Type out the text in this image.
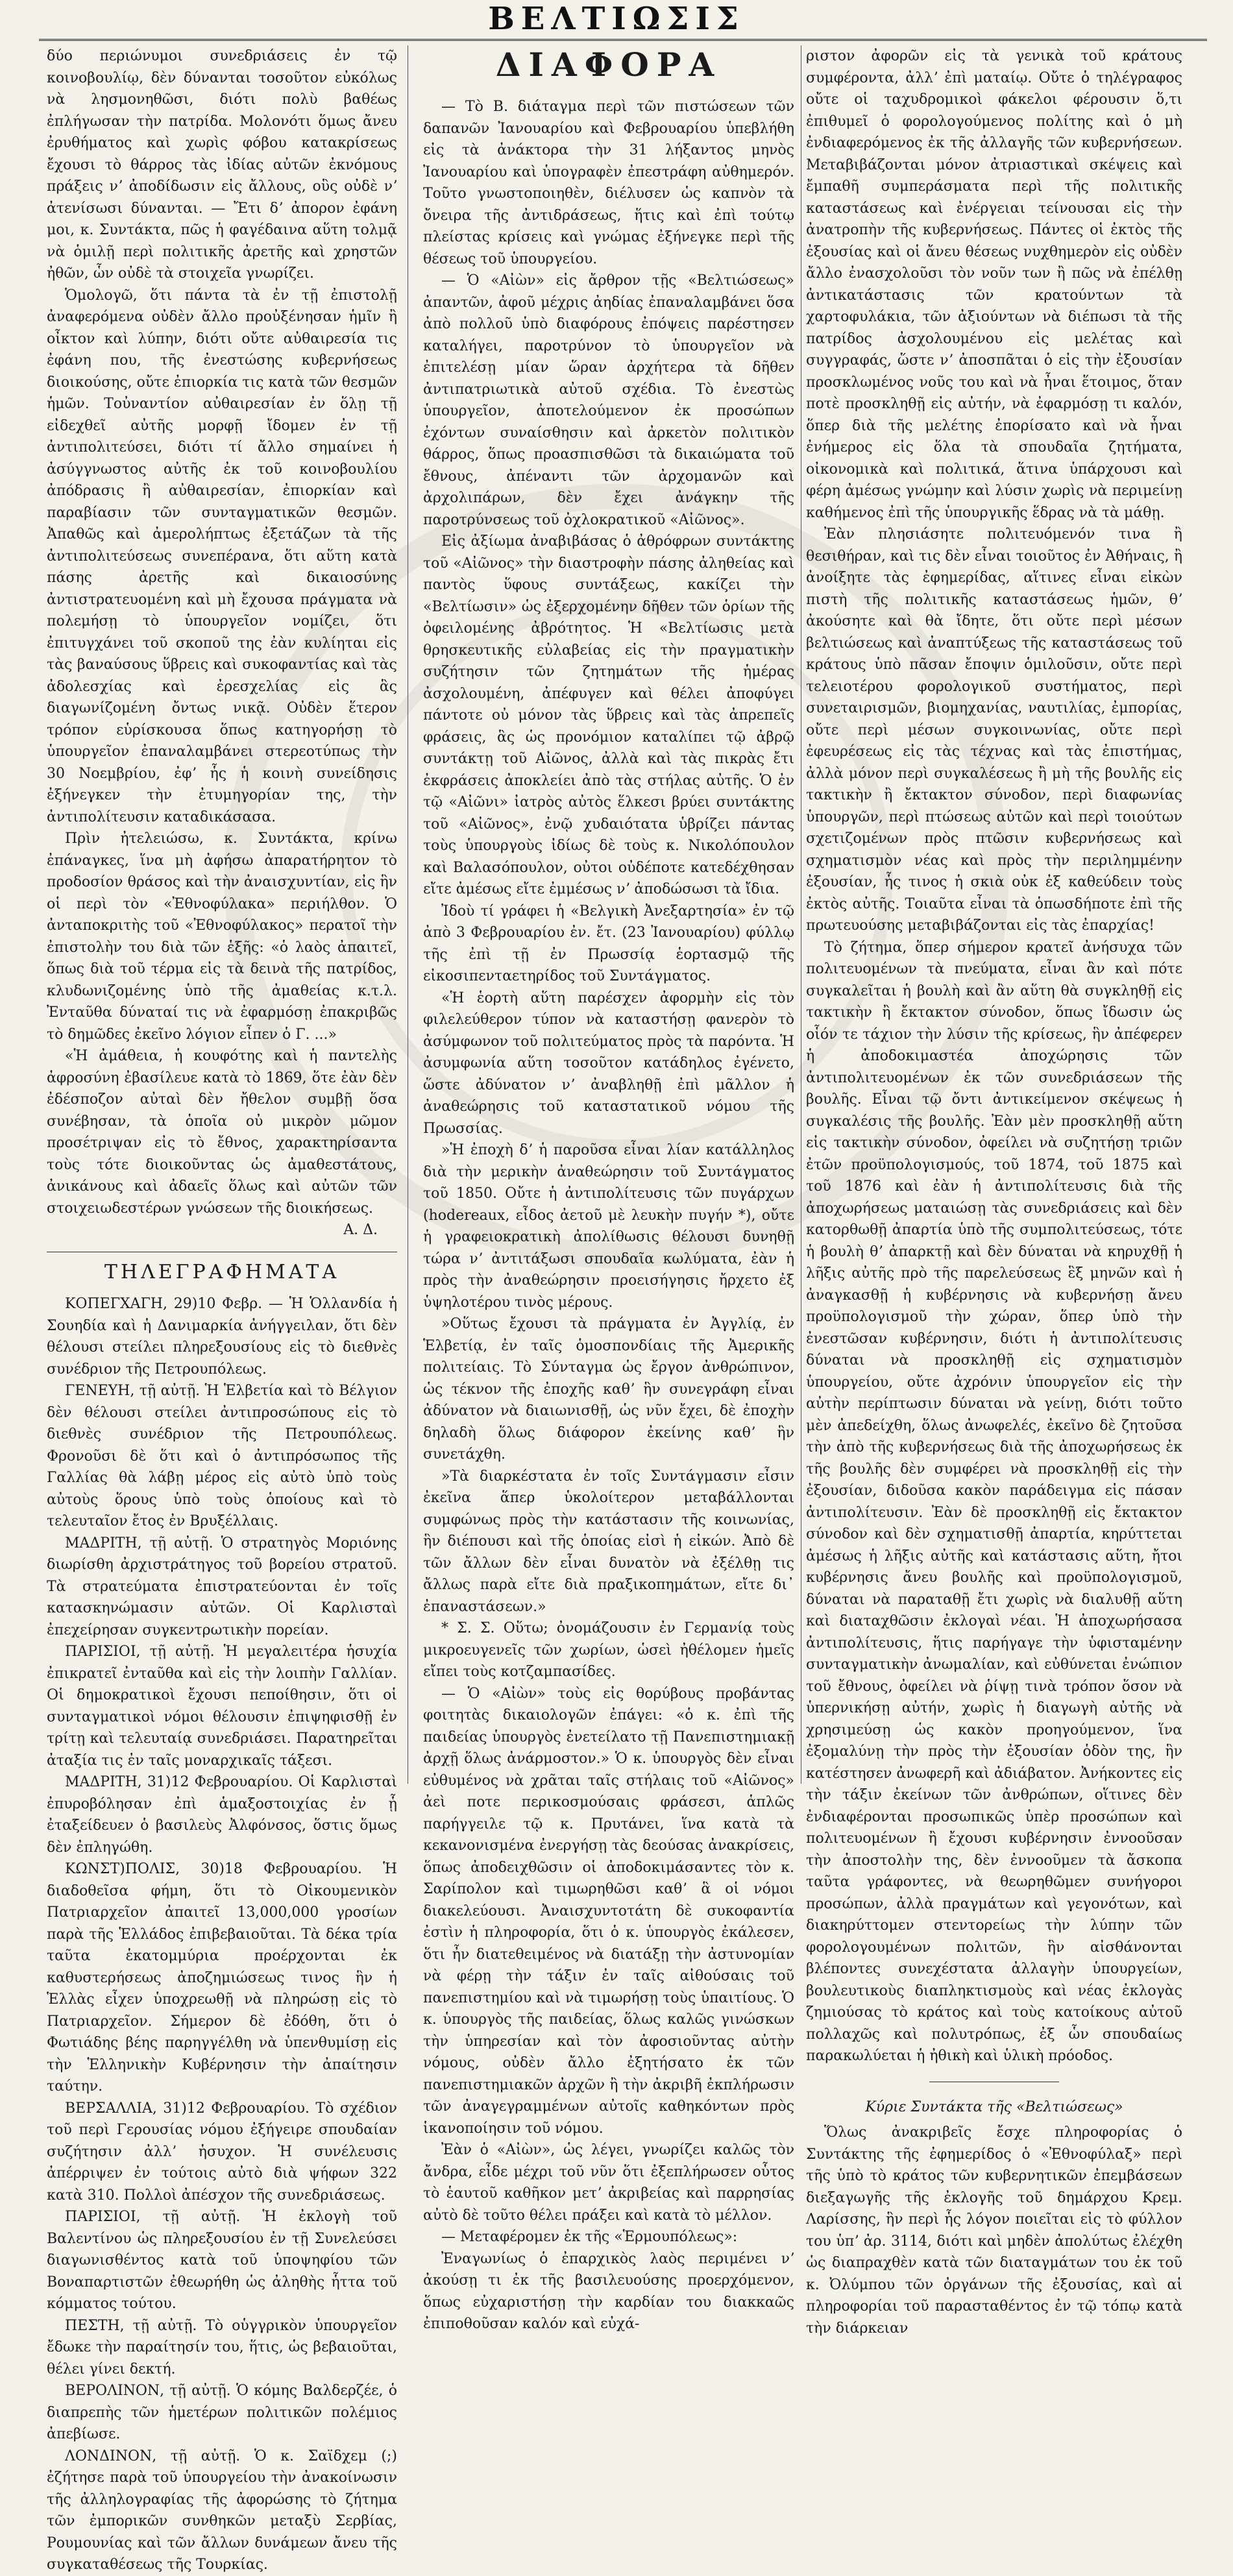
ΒΕΛΤΙΩΣΙΣ

δύο περιώνυμοι συνεδριάσεις ἐν τῷ κοινοβουλίῳ, δὲν δύνανται τοσοῦτον εὐκόλως νὰ λησμονηθῶσι, διότι πολὺ βαθέως ἐπλήγωσαν τὴν πατρίδα. Μολονότι ὅμως ἄνευ ἐρυθήματος καὶ χωρὶς φόβου κατακρίσεως ἔχουσι τὸ θάρρος τὰς ἰδίας αὐτῶν ἐκνόμους πράξεις νʼ ἀποδίδωσιν εἰς ἄλλους, οὓς οὐδὲ νʼ ἀτενίσωσι δύνανται. — Ἔτι δʼ ἀπορον ἐφάνη μοι, κ. Συντάκτα, πῶς ἡ φαγέδαινα αὕτη τολμᾷ νὰ ὁμιλῇ περὶ πολιτικῆς ἀρετῆς καὶ χρηστῶν ἠθῶν, ὧν οὐδὲ τὰ στοιχεῖα γνωρίζει.

Ὁμολογῶ, ὅτι πάντα τὰ ἐν τῇ ἐπιστολῇ ἀναφερόμενα οὐδὲν ἄλλο προὐξένησαν ἡμῖν ἢ οἶκτον καὶ λύπην, διότι οὔτε αὐθαιρεσία τις ἐφάνη που, τῆς ἐνεστώσης κυβερνήσεως διοικούσης, οὔτε ἐπιορκία τις κατὰ τῶν θεσμῶν ἡμῶν. Τοὐναντίον αὐθαιρεσίαν ἐν ὅλῃ τῇ εἰδεχθεῖ αὐτῆς μορφῇ ἴδομεν ἐν τῇ ἀντιπολιτεύσει, διότι τί ἄλλο σημαίνει ἡ ἀσύγγνωστος αὐτῆς ἐκ τοῦ κοινοβουλίου ἀπόδρασις ἢ αὐθαιρεσίαν, ἐπιορκίαν καὶ παραβίασιν τῶν συνταγματικῶν θεσμῶν. Ἀπαθῶς καὶ ἀμερολήπτως ἐξετάζων τὰ τῆς ἀντιπολιτεύσεως συνεπέρανα, ὅτι αὕτη κατὰ πάσης ἀρετῆς καὶ δικαιοσύνης ἀντιστρατευομένη καὶ μὴ ἔχουσα πράγματα νὰ πολεμήσῃ τὸ ὑπουργεῖον νομίζει, ὅτι ἐπιτυγχάνει τοῦ σκοποῦ της ἐὰν κυλίηται εἰς τὰς βαναύσους ὕβρεις καὶ συκοφαντίας καὶ τὰς ἀδολεσχίας καὶ ἐρεσχελίας εἰς ἃς διαγωνίζομένη ὄντως νικᾷ. Οὐδὲν ἕτερον τρόπον εὑρίσκουσα ὅπως κατηγορήσῃ τὸ ὑπουργεῖον ἐπαναλαμβάνει στερεοτύπως τὴν 30 Νοεμβρίου, ἐφʼ ἧς ἡ κοινὴ συνείδησις ἐξήνεγκεν τὴν ἐτυμηγορίαν της, τὴν ἀντιπολίτευσιν καταδικάσασα.

Πρὶν ἠτελειώσω, κ. Συντάκτα, κρίνω ἐπάναγκες, ἵνα μὴ ἀφήσω ἀπαρατήρητον τὸ προδοσίον θράσος καὶ τὴν ἀναισχυντίαν, εἰς ἣν οἱ περὶ τὸν «Ἐθνοφύλακα» περιήλθον. Ὁ ἀνταποκριτὴς τοῦ «Ἐθνοφύλακος» περατοῖ τὴν ἐπιστολὴν του διὰ τῶν ἑξῆς: «ὁ λαὸς ἀπαιτεῖ, ὅπως διὰ τοῦ τέρμα εἰς τὰ δεινὰ τῆς πατρίδος, κλυδωνιζομένης ὑπὸ τῆς ἀμαθείας κ.τ.λ. Ἐνταῦθα δύναταί τις νὰ ἐφαρμόσῃ ἐπακριβῶς τὸ δημῶδες ἐκεῖνο λόγιον εἶπεν ὁ Γ. ...»

«Ἡ ἀμάθεια, ἡ κουφότης καὶ ἡ παντελὴς ἀφροσύνη ἐβασίλευε κατὰ τὸ 1869, ὅτε ἐὰν δὲν ἐδέσποζον αὐταὶ δὲν ἤθελον συμβῇ ὅσα συνέβησαν, τὰ ὁποῖα οὐ μικρὸν μῶμον προσέτριψαν εἰς τὸ ἔθνος, χαρακτηρίσαντα τοὺς τότε διοικοῦντας ὡς ἀμαθεστάτους, ἀνικάνους καὶ ἀδαεῖς ὅλως καὶ αὐτῶν τῶν στοιχειωδεστέρων γνώσεων τῆς διοικήσεως.

Α. Δ.
ΤΗΛΕΓΡΑΦΗΜΑΤΑ

ΚΟΠΕΓΧΑΓΗ, 29)10 Φεβρ. — Ἡ Ὁλλανδία ἡ Σουηδία καὶ ἡ Δανιμαρκία ἀνήγγειλαν, ὅτι δὲν θέλουσι στείλει πληρεξουσίους εἰς τὸ διεθνὲς συνέδριον τῆς Πετρουπόλεως.

ΓΕΝΕΥΗ, τῇ αὐτῇ. Ἡ Ἑλβετία καὶ τὸ Βέλγιον δὲν θέλουσι στείλει ἀντιπροσώπους εἰς τὸ διεθνὲς συνέδριον τῆς Πετρουπόλεως. Φρονοῦσι δὲ ὅτι καὶ ὁ ἀντιπρόσωπος τῆς Γαλλίας θὰ λάβῃ μέρος εἰς αὐτὸ ὑπὸ τοὺς αὐτοὺς ὅρους ὑπὸ τοὺς ὁποίους καὶ τὸ τελευταῖον ἔτος ἐν Βρυξέλλαις.

ΜΑΔΡΙΤΗ, τῇ αὐτῇ. Ὁ στρατηγὸς Μοριόνης διωρίσθη ἀρχιστράτηγος τοῦ βορείου στρατοῦ. Τὰ στρατεύματα ἐπιστρατεύονται ἐν τοῖς κατασκηνώμασιν αὐτῶν. Οἱ Καρλισταὶ ἐπεχείρησαν συγκεντρωτικὴν πορείαν.

ΠΑΡΙΣΙΟΙ, τῇ αὐτῇ. Ἡ μεγαλειτέρα ἡσυχία ἐπικρατεῖ ἐνταῦθα καὶ εἰς τὴν λοιπὴν Γαλλίαν. Οἱ δημοκρατικοὶ ἔχουσι πεποίθησιν, ὅτι οἱ συνταγματικοὶ νόμοι θέλουσιν ἐπιψηφισθῇ ἐν τρίτῃ καὶ τελευταίᾳ συνεδριάσει. Παρατηρεῖται ἀταξία τις ἐν ταῖς μοναρχικαῖς τάξεσι.

ΜΑΔΡΙΤΗ, 31)12 Φεβρουαρίου. Οἱ Καρλισταὶ ἐπυροβόλησαν ἐπὶ ἁμαξοστοιχίας ἐν ᾗ ἐταξείδευεν ὁ βασιλεὺς Ἀλφόνσος, ὅστις ὅμως δὲν ἐπληγώθη.

ΚΩΝΣΤ)ΠΟΛΙΣ, 30)18 Φεβρουαρίου. Ἡ διαδοθεῖσα φήμη, ὅτι τὸ Οἰκουμενικὸν Πατριαρχεῖον ἀπαιτεῖ 13,000,000 γροσίων παρὰ τῆς Ἑλλάδος ἐπιβεβαιοῦται. Τὰ δέκα τρία ταῦτα ἑκατομμύρια προέρχονται ἐκ καθυστερήσεως ἀποζημιώσεως τινος ἣν ἡ Ἑλλὰς εἶχεν ὑποχρεωθῇ νὰ πληρώσῃ εἰς τὸ Πατριαρχεῖον. Σήμερον δὲ ἐδόθη, ὅτι ὁ Φωτιάδης βέης παρηγγέλθη νὰ ὑπενθυμίσῃ εἰς τὴν Ἑλληνικὴν Κυβέρνησιν τὴν ἀπαίτησιν ταύτην.

ΒΕΡΣΑΛΛΙΑ, 31)12 Φεβρουαρίου. Τὸ σχέδιον τοῦ περὶ Γερουσίας νόμου ἐξήγειρε σπουδαίαν συζήτησιν ἀλλʼ ἡσυχον. Ἡ συνέλευσις ἀπέρριψεν ἐν τούτοις αὐτὸ διὰ ψήφων 322 κατὰ 310. Πολλοὶ ἀπέσχον τῆς συνεδριάσεως.

ΠΑΡΙΣΙΟΙ, τῇ αὐτῇ. Ἡ ἐκλογὴ τοῦ Βαλεντίνου ὡς πληρεξουσίου ἐν τῇ Συνελεύσει διαγωνισθέντος κατὰ τοῦ ὑποψηφίου τῶν Βοναπαρτιστῶν ἐθεωρήθη ὡς ἀληθὴς ἧττα τοῦ κόμματος τούτου.

ΠΕΣΤΗ, τῇ αὐτῇ. Τὸ οὑγγρικὸν ὑπουργεῖον ἔδωκε τὴν παραίτησίν του, ἥτις, ὡς βεβαιοῦται, θέλει γίνει δεκτή.

ΒΕΡΟΛΙΝΟΝ, τῇ αὐτῇ. Ὁ κόμης Βαλδερζέε, ὁ διαπρεπὴς τῶν ἡμετέρων πολιτικῶν πολέμιος ἀπεβίωσε.

ΛΟΝΔΙΝΟΝ, τῇ αὐτῇ. Ὁ κ. Σαϊδχεμ (;) ἐζήτησε παρὰ τοῦ ὑπουργείου τὴν ἀνακοίνωσιν τῆς ἀλληλογραφίας τῆς ἀφορώσης τὸ ζήτημα τῶν ἐμπορικῶν συνθηκῶν μεταξὺ Σερβίας, Ρουμουνίας καὶ τῶν ἄλλων δυνάμεων ἄνευ τῆς συγκαταθέσεως τῆς Τουρκίας.

ΔΙΑΦΟΡΑ

— Τὸ Β. διάταγμα περὶ τῶν πιστώσεων τῶν δαπανῶν Ἰανουαρίου καὶ Φεβρουαρίου ὑπεβλήθη εἰς τὰ ἀνάκτορα τὴν 31 λήξαντος μηνὸς Ἰανουαρίου καὶ ὑπογραφὲν ἐπεστράφη αὐθημερόν. Τοῦτο γνωστοποιηθὲν, διέλυσεν ὡς καπνὸν τὰ ὄνειρα τῆς ἀντιδράσεως, ἥτις καὶ ἐπὶ τούτῳ πλείστας κρίσεις καὶ γνώμας ἐξήνεγκε περὶ τῆς θέσεως τοῦ ὑπουργείου.

— Ὁ «Αἰὼν» εἰς ἄρθρον τῇς «Βελτιώσεως» ἀπαντῶν, ἀφοῦ μέχρις ἀηδίας ἐπαναλαμβάνει ὅσα ἀπὸ πολλοῦ ὑπὸ διαφόρους ἐπόψεις παρέστησεν καταλήγει, παροτρύνον τὸ ὑπουργεῖον νὰ ἐπιτελέσῃ μίαν ὥραν ἀρχήτερα τὰ δῆθεν ἀντιπατριωτικὰ αὐτοῦ σχέδια. Τὸ ἐνεστὼς ὑπουργεῖον, ἀποτελούμενον ἐκ προσώπων ἐχόντων συναίσθησιν καὶ ἀρκετὸν πολιτικὸν θάρρος, ὅπως προασπισθῶσι τὰ δικαιώματα τοῦ ἔθνους, ἀπέναντι τῶν ἀρχομανῶν καὶ ἀρχολιπάρων, δὲν ἔχει ἀνάγκην τῆς παροτρύνσεως τοῦ ὀχλοκρατικοῦ «Αἰῶνος».

Εἰς ἀξίωμα ἀναβιβάσας ὁ ἀθρόφρων συντάκτης τοῦ «Αἰῶνος» τὴν διαστροφὴν πάσης ἀληθείας καὶ παντὸς ὕφους συντάξεως, κακίζει τὴν «Βελτίωσιν» ὡς ἐξερχομένην δῆθεν τῶν ὁρίων τῆς ὀφειλομένης ἀβρότητος. Ἡ «Βελτίωσις μετὰ θρησκευτικῆς εὐλαβείας εἰς τὴν πραγματικὴν συζήτησιν τῶν ζητημάτων τῆς ἡμέρας ἀσχολουμένη, ἀπέφυγεν καὶ θέλει ἀποφύγει πάντοτε οὐ μόνον τὰς ὕβρεις καὶ τὰς ἀπρεπεῖς φράσεις, ἃς ὡς προνόμιον καταλίπει τῷ ἀβρῷ συντάκτῃ τοῦ Αἰῶνος, ἀλλὰ καὶ τὰς πικρὰς ἔτι ἐκφράσεις ἀποκλείει ἀπὸ τὰς στήλας αὐτῆς. Ὁ ἐν τῷ «Αἰῶνι» ἰατρὸς αὐτὸς ἕλκεσι βρύει συντάκτης τοῦ «Αἰῶνος», ἐνῷ χυδαιότατα ὑβρίζει πάντας τοὺς ὑπουργοὺς ἰδίως δὲ τοὺς κ. Νικολόπουλον καὶ Βαλασόπουλον, οὐτοι οὐδέποτε κατεδέχθησαν εἴτε ἀμέσως εἴτε ἐμμέσως νʼ ἀποδώσωσι τὰ ἴδια.

Ἰδοὺ τί γράφει ἡ «Βελγικὴ Ἀνεξαρτησία» ἐν τῷ ἀπὸ 3 Φεβρουαρίου ἐν. ἔτ. (23 Ἰανουαρίου) φύλλῳ τῆς ἐπὶ τῇ ἐν Πρωσσίᾳ ἑορτασμῷ τῆς εἰκοσιπενταετηρίδος τοῦ Συντάγματος.

«Ἡ ἑορτὴ αὕτη παρέσχεν ἀφορμὴν εἰς τὸν φιλελεύθερον τύπον νὰ καταστήσῃ φανερὸν τὸ ἀσύμφωνον τοῦ πολιτεύματος πρὸς τὰ παρόντα. Ἡ ἀσυμφωνία αὕτη τοσοῦτον κατάδηλος ἐγένετο, ὥστε ἀδύνατον νʼ ἀναβληθῇ ἐπὶ μᾶλλον ἡ ἀναθεώρησις τοῦ καταστατικοῦ νόμου τῆς Πρωσσίας.

»Ἡ ἐποχὴ δʼ ἡ παροῦσα εἶναι λίαν κατάλληλος διὰ τὴν μερικὴν ἀναθεώρησιν τοῦ Συντάγματος τοῦ 1850. Οὔτε ἡ ἀντιπολίτευσις τῶν πυγάρχων (hodereaux, εἶδος ἀετοῦ μὲ λευκὴν πυγήν *), οὔτε ἡ γραφειοκρατικὴ ἀπολίθωσις θέλουσι δυνηθῇ τώρα νʼ ἀντιτάξωσι σπουδαῖα κωλύματα, ἐὰν ἡ πρὸς τὴν ἀναθεώρησιν προεισήγησις ἤρχετο ἐξ ὑψηλοτέρου τινὸς μέρους.

»Οὕτως ἔχουσι τὰ πράγματα ἐν Ἀγγλίᾳ, ἐν Ἑλβετίᾳ, ἐν ταῖς ὁμοσπονδίαις τῆς Ἀμερικῆς πολιτείαις. Τὸ Σύνταγμα ὡς ἔργον ἀνθρώπινον, ὡς τέκνον τῆς ἐποχῆς καθʼ ἣν συνεγράφη εἶναι ἀδύνατον νὰ διαιωνισθῇ, ὡς νῦν ἔχει, δὲ ἐποχὴν δηλαδὴ ὅλως διάφορον ἐκείνης καθʼ ἣν συνετάχθη.

»Τὰ διαρκέστατα ἐν τοῖς Συντάγμασιν εἶσιν ἐκεῖνα ἅπερ ὑκολοίτερον μεταβάλλονται συμφώνως πρὸς τὴν κατάστασιν τῆς κοινωνίας, ἣν διέπουσι καὶ τῆς ὁποίας εἰσὶ ἡ εἰκών. Ἀπὸ δὲ τῶν ἄλλων δὲν εἶναι δυνατὸν νὰ ἐξέλθῃ τις ἄλλως παρὰ εἴτε διὰ πραξικοπημάτων, εἴτε δι᾽ ἐπαναστάσεων.»

* Σ. Σ. Οὕτω; ὀνομάζουσιν ἐν Γερμανίᾳ τοὺς μικροευγενεῖς τῶν χωρίων, ὡσεὶ ἠθέλομεν ἡμεῖς εἴπει τοὺς κοτζαμπασίδες.

— Ὁ «Αἰὼν» τοὺς εἰς θορύβους προβάντας φοιτητὰς δικαιολογῶν ἐπάγει: «ὁ κ. ἐπὶ τῆς παιδείας ὑπουργὸς ἐνετείλατο τῇ Πανεπιστημιακῇ ἀρχῇ ὅλως ἀνάρμοστον.» Ὁ κ. ὑπουργὸς δὲν εἶναι εὐθυμένος νὰ χρᾶται ταῖς στήλαις τοῦ «Αἰῶνος» ἀεὶ ποτε περικοσμούσαις φράσεσι, ἁπλῶς παρήγγειλε τῷ κ. Πρυτάνει, ἵνα κατὰ τὰ κεκανονισμένα ἐνεργήσῃ τὰς δεούσας ἀνακρίσεις, ὅπως ἀποδειχθῶσιν οἱ ἀποδοκιμάσαντες τὸν κ. Σαρίπολον καὶ τιμωρηθῶσι καθʼ ἃ οἱ νόμοι διακελεύουσι. Ἀναισχυντοτάτη δὲ συκοφαντία ἐστὶν ἡ πληροφορία, ὅτι ὁ κ. ὑπουργὸς ἐκάλεσεν, ὅτι ἦν διατεθειμένος νὰ διατάξῃ τὴν ἀστυνομίαν νὰ φέρῃ τὴν τάξιν ἐν ταῖς αἰθούσαις τοῦ πανεπιστημίου καὶ νὰ τιμωρήσῃ τοὺς ὑπαιτίους. Ὁ κ. ὑπουργὸς τῆς παιδείας, ὅλως καλῶς γινώσκων τὴν ὑπηρεσίαν καὶ τὸν ἀφοσιοῦντας αὐτὴν νόμους, οὐδὲν ἄλλο ἐξητήσατο ἐκ τῶν πανεπιστημιακῶν ἀρχῶν ἢ τὴν ἀκριβῆ ἐκπλήρωσιν τῶν ἀναγεγραμμένων αὐτοῖς καθηκόντων πρὸς ἱκανοποίησιν τοῦ νόμου.

Ἐὰν ὁ «Αἰὼν», ὡς λέγει, γνωρίζει καλῶς τὸν ἄνδρα, εἶδε μέχρι τοῦ νῦν ὅτι ἐξεπλήρωσεν οὗτος τὸ ἑαυτοῦ καθῆκον μετʼ ἀκριβείας καὶ παρρησίας αὐτὸ δὲ τοῦτο θέλει πράξει καὶ κατὰ τὸ μέλλον.

— Μεταφέρομεν ἐκ τῆς «Ἑρμουπόλεως»:

Ἐναγωνίως ὁ ἐπαρχικὸς λαὸς περιμένει νʼ ἀκούσῃ τι ἐκ τῆς βασιλευούσης προερχόμενον, ὅπως εὐχαριστήσῃ τὴν καρδίαν του διακκαῶς ἐπιποθοῦσαν καλόν καὶ εὐχά-

ριστον ἀφορῶν εἰς τὰ γενικὰ τοῦ κράτους συμφέροντα, ἀλλʼ ἐπὶ ματαίῳ. Οὔτε ὁ τηλέγραφος οὔτε οἱ ταχυδρομικοὶ φάκελοι φέρουσιν ὅ,τι ἐπιθυμεῖ ὁ φορολογούμενος πολίτης καὶ ὁ μὴ ἐνδιαφερόμενος ἐκ τῆς ἀλλαγῆς τῶν κυβερνήσεων. Μεταβιβάζονται μόνον ἀτριαστικαὶ σκέψεις καὶ ἔμπαθῆ συμπεράσματα περὶ τῆς πολιτικῆς καταστάσεως καὶ ἐνέργειαι τείνουσαι εἰς τὴν ἀνατροπὴν τῆς κυβερνήσεως. Πάντες οἱ ἐκτὸς τῆς ἐξουσίας καὶ οἱ ἄνευ θέσεως νυχθημερὸν εἰς οὐδὲν ἄλλο ἐνασχολοῦσι τὸν νοῦν των ἢ πῶς νὰ ἐπέλθῃ ἀντικατάστασις τῶν κρατούντων τὰ χαρτοφυλάκια, τῶν ἀξιούντων νὰ διέπωσι τὰ τῆς πατρίδος ἀσχολουμένου εἰς μελέτας καὶ συγγραφάς, ὥστε νʼ ἀποσπᾶται ὁ εἰς τὴν ἐξουσίαν προσκλωμένος νοῦς του καὶ νὰ ἦναι ἕτοιμος, ὅταν ποτὲ προσκληθῇ εἰς αὐτήν, νὰ ἐφαρμόσῃ τι καλόν, ὅπερ διὰ τῆς μελέτης ἐπορίσατο καὶ νὰ ἦναι ἐνήμερος εἰς ὅλα τὰ σπουδαῖα ζητήματα, οἰκονομικὰ καὶ πολιτικά, ἅτινα ὑπάρχουσι καὶ φέρη ἀμέσως γνώμην καὶ λύσιν χωρὶς νὰ περιμείνῃ καθήμενος ἐπὶ τῆς ὑπουργικῆς ἕδρας νὰ τὰ μάθῃ.

Ἐὰν πλησιάσητε πολιτευόμενόν τινα ἢ θεσιθήραν, καὶ τις δὲν εἶναι τοιοῦτος ἐν Ἀθήναις, ἢ ἀνοίξητε τὰς ἐφημερίδας, αἵτινες εἶναι εἰκὼν πιστὴ τῆς πολιτικῆς καταστάσεως ἡμῶν, θʼ ἀκούσητε καὶ θὰ ἴδητε, ὅτι οὔτε περὶ μέσων βελτιώσεως καὶ ἀναπτύξεως τῆς καταστάσεως τοῦ κράτους ὑπὸ πᾶσαν ἔποψιν ὁμιλοῦσιν, οὔτε περὶ τελειοτέρου φορολογικοῦ συστήματος, περὶ συνεταιρισμῶν, βιομηχανίας, ναυτιλίας, ἐμπορίας, οὔτε περὶ μέσων συγκοινωνίας, οὔτε περὶ ἐφευρέσεως εἰς τὰς τέχνας καὶ τὰς ἐπιστήμας, ἀλλὰ μόνον περὶ συγκαλέσεως ἢ μὴ τῆς βουλῆς εἰς τακτικὴν ἢ ἔκτακτον σύνοδον, περὶ διαφωνίας ὑπουργῶν, περὶ πτώσεως αὐτῶν καὶ περὶ τοιούτων σχετιζομένων πρὸς πτῶσιν κυβερνήσεως καὶ σχηματισμὸν νέας καὶ πρὸς τὴν περιλημμένην ἐξουσίαν, ἧς τινος ἡ σκιὰ οὐκ ἐξ καθεύδειν τοὺς ἐκτὸς αὐτῆς. Τοιαῦτα εἶναι τὰ ὁπωσδήποτε ἐπὶ τῆς πρωτευούσης μεταβιβάζονται εἰς τὰς ἐπαρχίας!

Τὸ ζήτημα, ὅπερ σήμερον κρατεῖ ἀνήσυχα τῶν πολιτευομένων τὰ πνεύματα, εἶναι ἂν καὶ πότε συγκαλεῖται ἡ βουλὴ καὶ ἂν αὕτη θὰ συγκληθῇ εἰς τακτικὴν ἢ ἔκτακτον σύνοδον, ὅπως ἴδωσιν ὡς οἷόν τε τάχιον τὴν λύσιν τῆς κρίσεως, ἣν ἀπέφερεν ἡ ἀποδοκιμαστέα ἀποχώρησις τῶν ἀντιπολιτευομένων ἐκ τῶν συνεδριάσεων τῆς βουλῆς. Εἶναι τῷ ὄντι ἀντικείμενον σκέψεως ἡ συγκαλέσις τῆς βουλῆς. Ἐὰν μὲν προσκληθῇ αὕτη εἰς τακτικὴν σύνοδον, ὀφείλει νὰ συζητήσῃ τριῶν ἐτῶν προϋπολογισμούς, τοῦ 1874, τοῦ 1875 καὶ τοῦ 1876 καὶ ἐὰν ἡ ἀντιπολίτευσις διὰ τῆς ἀποχωρήσεως ματαιώσῃ τὰς συνεδριάσεις καὶ δὲν κατορθωθῇ ἀπαρτία ὑπὸ τῆς συμπολιτεύσεως, τότε ἡ βουλὴ θʼ ἀπαρκτῇ καὶ δὲν δύναται νὰ κηρυχθῇ ἡ λῆξις αὐτῆς πρὸ τῆς παρελεύσεως ἓξ μηνῶν καὶ ἡ ἀναγκασθῇ ἡ κυβέρνησις νὰ κυβερνήσῃ ἄνευ προϋπολογισμοῦ τὴν χώραν, ὅπερ ὑπὸ τὴν ἐνεστῶσαν κυβέρνησιν, διότι ἡ ἀντιπολίτευσις δύναται νὰ προσκληθῇ εἰς σχηματισμὸν ὑπουργείου, οὔτε ἀχρόνιν ὑπουργεῖον εἰς τὴν αὐτὴν περίπτωσιν δύναται νὰ γείνῃ, διότι τοῦτο μὲν ἀπεδείχθη, ὅλως ἀνωφελές, ἐκεῖνο δὲ ζητοῦσα τὴν ἀπὸ τῆς κυβερνήσεως διὰ τῆς ἀποχωρήσεως ἐκ τῆς βουλῆς δὲν συμφέρει νὰ προσκληθῇ εἰς τὴν ἐξουσίαν, διδοῦσα κακὸν παράδειγμα εἰς πάσαν ἀντιπολίτευσιν. Ἐὰν δὲ προσκληθῇ εἰς ἔκτακτον σύνοδον καὶ δὲν σχηματισθῇ ἀπαρτία, κηρύττεται ἀμέσως ἡ λῆξις αὐτῆς καὶ κατάστασις αὕτη, ἤτοι κυβέρνησις ἄνευ βουλῆς καὶ προϋπολογισμοῦ, δύναται νὰ παραταθῇ ἔτι χωρὶς νὰ διαλυθῇ αὕτη καὶ διαταχθῶσιν ἐκλογαὶ νέαι. Ἡ ἀποχωρήσασα ἀντιπολίτευσις, ἥτις παρήγαγε τὴν ὑφισταμένην συνταγματικὴν ἀνωμαλίαν, καὶ εὐθύνεται ἐνώπιον τοῦ ἔθνους, ὀφείλει νὰ ῥίψῃ τινὰ τρόπον ὅσον νὰ ὑπερνικήσῃ αὐτήν, χωρὶς ἡ διαγωγὴ αὐτῆς νὰ χρησιμεύσῃ ὡς κακὸν προηγούμενον, ἵνα ἐξομαλύνῃ τὴν πρὸς τὴν ἐξουσίαν ὁδὸν της, ἣν κατέστησεν ἀνωφερῆ καὶ ἀδιάβατον. Ἀνήκοντες εἰς τὴν τάξιν ἐκείνων τῶν ἀνθρώπων, οἵτινες δὲν ἐνδιαφέρονται προσωπικῶς ὑπὲρ προσώπων καὶ πολιτευομένων ἢ ἔχουσι κυβέρνησιν ἐννοοῦσαν τὴν ἀποστολὴν της, δὲν ἐννοοῦμεν τὰ ἄσκοπα ταῦτα γράφοντες, νὰ θεωρηθῶμεν συνήγοροι προσώπων, ἀλλὰ πραγμάτων καὶ γεγονότων, καὶ διακηρύττομεν στεντορείως τὴν λύπην τῶν φορολογουμένων πολιτῶν, ἣν αἰσθάνονται βλέποντες συνεχέστατα ἀλλαγὴν ὑπουργείων, βουλευτικοὺς διαπληκτισμοὺς καὶ νέας ἐκλογὰς ζημιούσας τὸ κράτος καὶ τοὺς κατοίκους αὐτοῦ πολλαχῶς καὶ πολυτρόπως, ἐξ ὧν σπουδαίως παρακωλύεται ἡ ἠθικὴ καὶ ὑλικὴ πρόοδος.

Κύριε Συντάκτα τῆς «Βελτιώσεως»

Ὅλως ἀνακριβεῖς ἔσχε πληροφορίας ὁ Συντάκτης τῆς ἐφημερίδος ὁ «Ἐθνοφύλαξ» περὶ τῆς ὑπὸ τὸ κράτος τῶν κυβερνητικῶν ἐπεμβάσεων διεξαγωγῆς τῆς ἐκλογῆς τοῦ δημάρχου Κρεμ. Λαρίσσης, ἣν περὶ ἧς λόγον ποιεῖται εἰς τὸ φύλλον του ὑπʼ ἀρ. 3114, διότι καὶ μηδὲν ἀπολύτως ἐλέχθη ὡς διαπραχθὲν κατὰ τῶν διαταγμάτων του ἐκ τοῦ κ. Ὀλύμπου τῶν ὀργάνων τῆς ἐξουσίας, καὶ αἱ πληροφορίαι τοῦ παρασταθέντος ἐν τῷ τόπῳ κατὰ τὴν διάρκειαν
